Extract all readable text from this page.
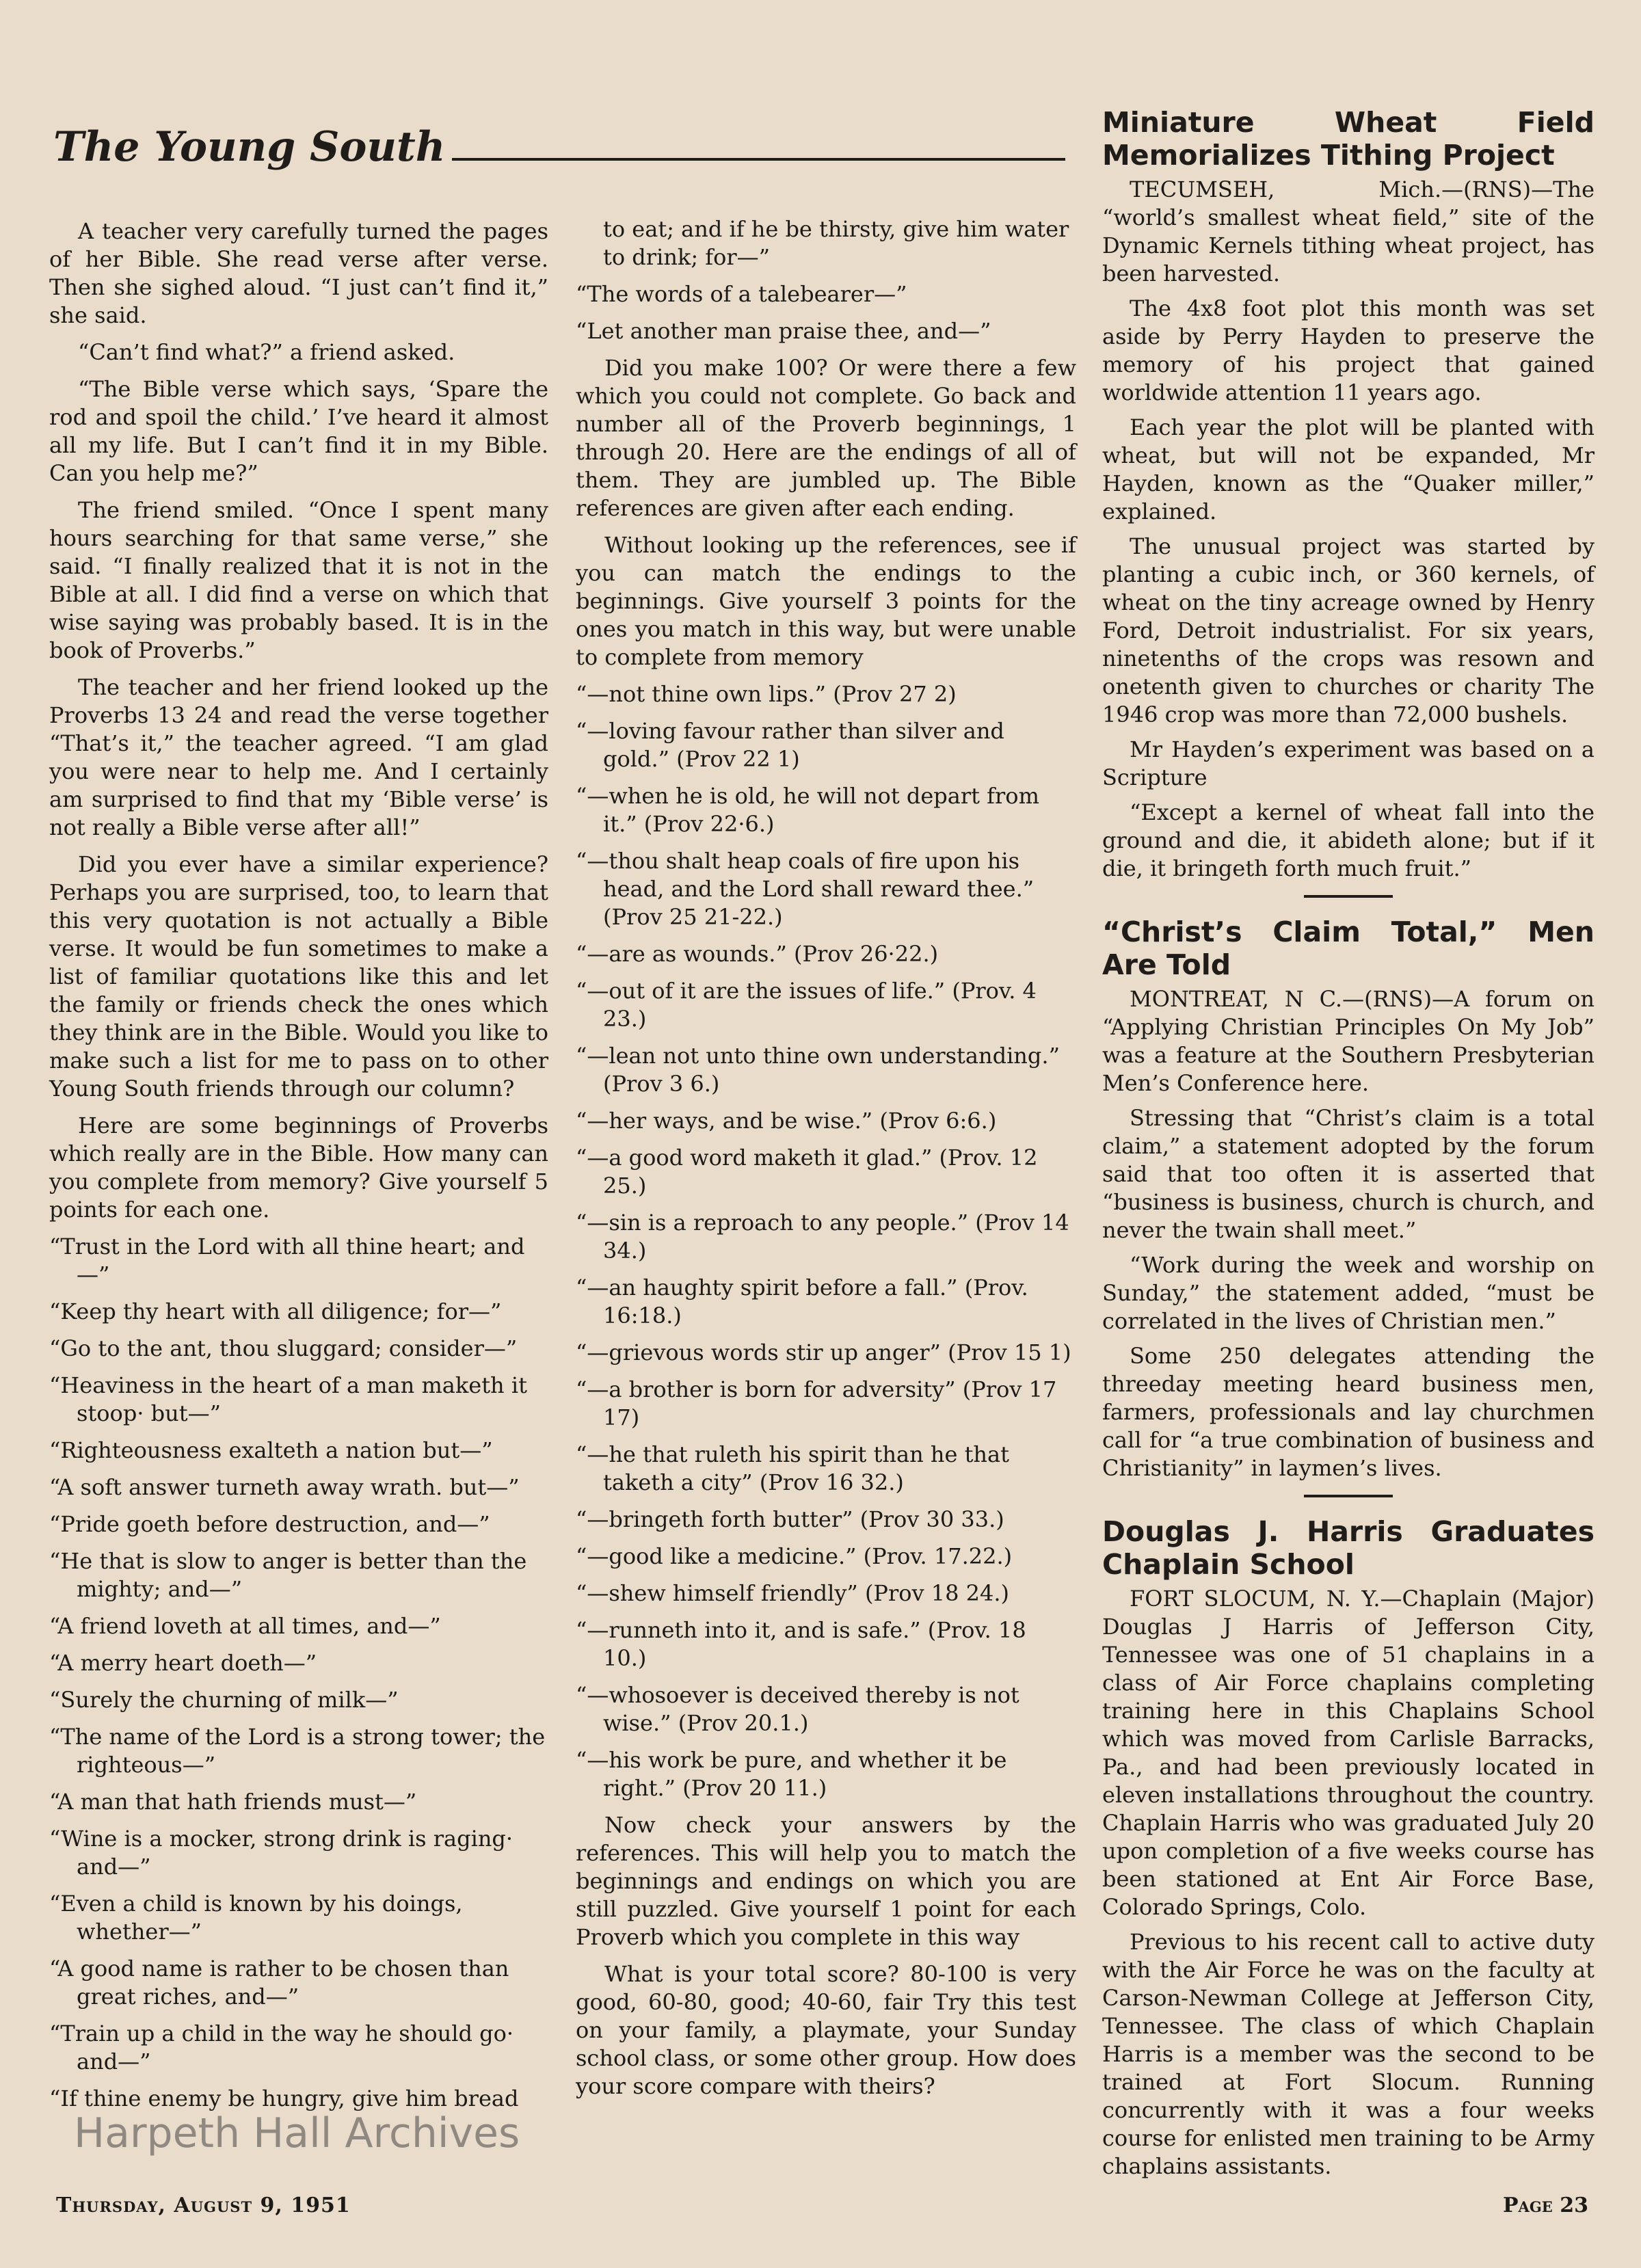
The Young South

A teacher very carefully turned the pages of her Bible. She read verse after verse. Then she sighed aloud. “I just can’t find it,” she said.

“Can’t find what?” a friend asked.

“The Bible verse which says, ‘Spare the rod and spoil the child.’ I’ve heard it almost all my life. But I can’t find it in my Bible. Can you help me?”

The friend smiled. “Once I spent many hours searching for that same verse,” she said. “I finally realized that it is not in the Bible at all. I did find a verse on which that wise saying was probably based. It is in the book of Proverbs.”

The teacher and her friend looked up the Proverbs 13 24 and read the verse together “That’s it,” the teacher agreed. “I am glad you were near to help me. And I certainly am surprised to find that my ‘Bible verse’ is not really a Bible verse after all!”

Did you ever have a similar experience? Perhaps you are surprised, too, to learn that this very quotation is not actually a Bible verse. It would be fun sometimes to make a list of familiar quotations like this and let the family or friends check the ones which they think are in the Bible. Would you like to make such a list for me to pass on to other Young South friends through our column?

Here are some beginnings of Proverbs which really are in the Bible. How many can you complete from memory? Give yourself 5 points for each one.

“Trust in the Lord with all thine heart; and—”

“Keep thy heart with all diligence; for—”

“Go to the ant, thou sluggard; consider—”

“Heaviness in the heart of a man maketh it stoop· but—”

“Righteousness exalteth a nation but—”

“A soft answer turneth away wrath. but—”

“Pride goeth before destruction, and—”

“He that is slow to anger is better than the mighty; and—”

“A friend loveth at all times, and—”

“A merry heart doeth—”

“Surely the churning of milk—”

“The name of the Lord is a strong tower; the righteous—”

“A man that hath friends must—”

“Wine is a mocker, strong drink is raging· and—”

“Even a child is known by his doings, whether—”

“A good name is rather to be chosen than great riches, and—”

“Train up a child in the way he should go· and—”

“If thine enemy be hungry, give him bread

to eat; and if he be thirsty, give him water to drink; for—”

“The words of a talebearer—”

“Let another man praise thee, and—”

Did you make 100? Or were there a few which you could not complete. Go back and number all of the Proverb beginnings, 1 through 20. Here are the endings of all of them. They are jumbled up. The Bible references are given after each ending.

Without looking up the references, see if you can match the endings to the beginnings. Give yourself 3 points for the ones you match in this way, but were unable to complete from memory

“—not thine own lips.” (Prov 27 2)

“—loving favour rather than silver and gold.” (Prov 22 1)

“—when he is old, he will not depart from it.” (Prov 22·6.)

“—thou shalt heap coals of fire upon his head, and the Lord shall reward thee.” (Prov 25 21-22.)

“—are as wounds.” (Prov 26·22.)

“—out of it are the issues of life.” (Prov. 4 23.)

“—lean not unto thine own understanding.” (Prov 3 6.)

“—her ways, and be wise.” (Prov 6:6.)

“—a good word maketh it glad.” (Prov. 12 25.)

“—sin is a reproach to any people.” (Prov 14 34.)

“—an haughty spirit before a fall.” (Prov. 16:18.)

“—grievous words stir up anger” (Prov 15 1)

“—a brother is born for adversity” (Prov 17 17)

“—he that ruleth his spirit than he that taketh a city” (Prov 16 32.)

“—bringeth forth butter” (Prov 30 33.)

“—good like a medicine.” (Prov. 17.22.)

“—shew himself friendly” (Prov 18 24.)

“—runneth into it, and is safe.” (Prov. 18 10.)

“—whosoever is deceived thereby is not wise.” (Prov 20.1.)

“—his work be pure, and whether it be right.” (Prov 20 11.)

Now check your answers by the references. This will help you to match the beginnings and endings on which you are still puzzled. Give yourself 1 point for each Proverb which you complete in this way

What is your total score? 80-100 is very good, 60-80, good; 40-60, fair Try this test on your family, a playmate, your Sunday school class, or some other group. How does your score compare with theirs?

Miniature Wheat Field Memorializes Tithing Project

TECUMSEH, Mich.—(RNS)—The “world’s smallest wheat field,” site of the Dynamic Kernels tithing wheat project, has been harvested.

The 4x8 foot plot this month was set aside by Perry Hayden to preserve the memory of his project that gained worldwide attention 11 years ago.

Each year the plot will be planted with wheat, but will not be expanded, Mr Hayden, known as the “Quaker miller,” explained.

The unusual project was started by planting a cubic inch, or 360 kernels, of wheat on the tiny acreage owned by Henry Ford, Detroit industrialist. For six years, ninetenths of the crops was resown and onetenth given to churches or charity The 1946 crop was more than 72,000 bushels.

Mr Hayden’s experiment was based on a Scripture

“Except a kernel of wheat fall into the ground and die, it abideth alone; but if it die, it bringeth forth much fruit.”

“Christ’s Claim Total,” Men Are Told

MONTREAT, N C.—(RNS)—A forum on “Applying Christian Principles On My Job” was a feature at the Southern Presbyterian Men’s Conference here.

Stressing that “Christ’s claim is a total claim,” a statement adopted by the forum said that too often it is asserted that “business is business, church is church, and never the twain shall meet.”

“Work during the week and worship on Sunday,” the statement added, “must be correlated in the lives of Christian men.”

Some 250 delegates attending the threeday meeting heard business men, farmers, professionals and lay churchmen call for “a true combination of business and Christianity” in laymen’s lives.

Douglas J. Harris Graduates Chaplain School

FORT SLOCUM, N. Y.—Chaplain (Major) Douglas J Harris of Jefferson City, Tennessee was one of 51 chaplains in a class of Air Force chaplains completing training here in this Chaplains School which was moved from Carlisle Barracks, Pa., and had been previously located in eleven installations throughout the country. Chaplain Harris who was graduated July 20 upon completion of a five weeks course has been stationed at Ent Air Force Base, Colorado Springs, Colo.

Previous to his recent call to active duty with the Air Force he was on the faculty at Carson-Newman College at Jefferson City, Tennessee. The class of which Chaplain Harris is a member was the second to be trained at Fort Slocum. Running concurrently with it was a four weeks course for enlisted men training to be Army chaplains assistants.

Harpeth Hall Archives
Thursday, August 9, 1951	Page 23
